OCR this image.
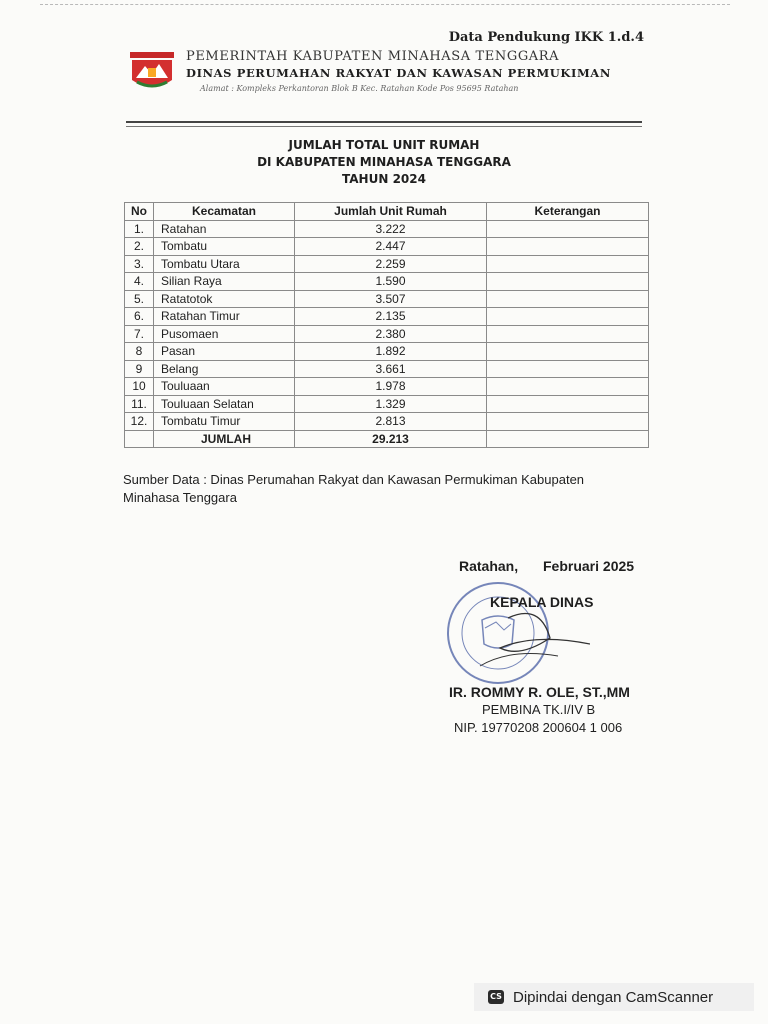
Data Pendukung IKK 1.d.4
PEMERINTAH KABUPATEN MINAHASA TENGGARA
DINAS PERUMAHAN RAKYAT DAN KAWASAN PERMUKIMAN
Alamat : Kompleks Perkantoran Blok B Kec. Ratahan Kode Pos 95695 Ratahan
JUMLAH TOTAL UNIT RUMAH
DI KABUPATEN MINAHASA TENGGARA
TAHUN 2024
No	Kecamatan	Jumlah Unit Rumah	Keterangan
1.	Ratahan	3.222	
2.	Tombatu	2.447	
3.	Tombatu Utara	2.259	
4.	Silian Raya	1.590	
5.	Ratatotok	3.507	
6.	Ratahan Timur	2.135	
7.	Pusomaen	2.380	
8	Pasan	1.892	
9	Belang	3.661	
10	Touluaan	1.978	
11.	Touluaan Selatan	1.329	
12.	Tombatu Timur	2.813	
	JUMLAH	29.213	
Sumber Data : Dinas Perumahan Rakyat dan Kawasan Permukiman Kabupaten Minahasa Tenggara
Ratahan, Februari 2025
KEPALA DINAS
IR. ROMMY R. OLE, ST.,MM
PEMBINA TK.I/IV B
NIP. 19770208 200604 1 006
CS Dipindai dengan CamScanner
